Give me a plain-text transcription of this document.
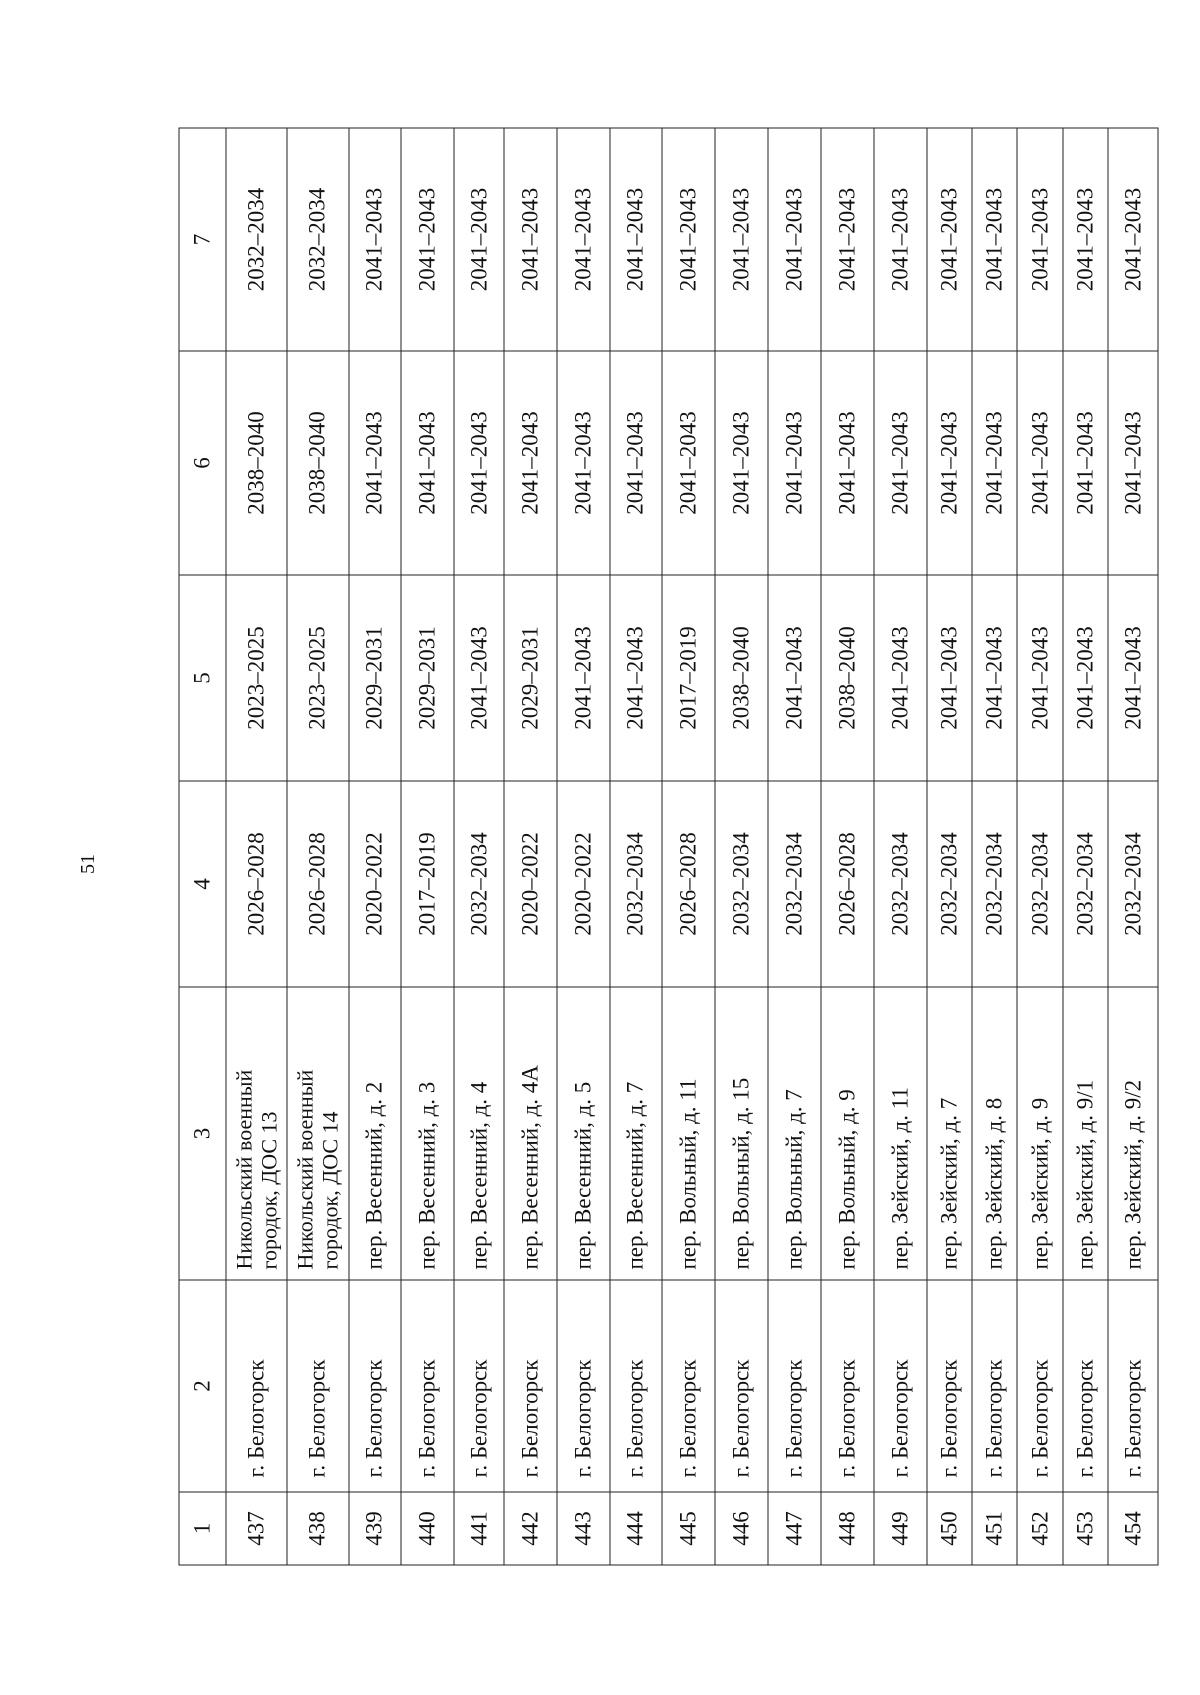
51
1	2	3	4	5	6	7
437	г. Белогорск	Никольский военный городок, ДОС 13	2026–2028	2023–2025	2038–2040	2032–2034
438	г. Белогорск	Никольский военный городок, ДОС 14	2026–2028	2023–2025	2038–2040	2032–2034
439	г. Белогорск	пер. Весенний, д. 2	2020–2022	2029–2031	2041–2043	2041–2043
440	г. Белогорск	пер. Весенний, д. 3	2017–2019	2029–2031	2041–2043	2041–2043
441	г. Белогорск	пер. Весенний, д. 4	2032–2034	2041–2043	2041–2043	2041–2043
442	г. Белогорск	пер. Весенний, д. 4А	2020–2022	2029–2031	2041–2043	2041–2043
443	г. Белогорск	пер. Весенний, д. 5	2020–2022	2041–2043	2041–2043	2041–2043
444	г. Белогорск	пер. Весенний, д. 7	2032–2034	2041–2043	2041–2043	2041–2043
445	г. Белогорск	пер. Вольный, д. 11	2026–2028	2017–2019	2041–2043	2041–2043
446	г. Белогорск	пер. Вольный, д. 15	2032–2034	2038–2040	2041–2043	2041–2043
447	г. Белогорск	пер. Вольный, д. 7	2032–2034	2041–2043	2041–2043	2041–2043
448	г. Белогорск	пер. Вольный, д. 9	2026–2028	2038–2040	2041–2043	2041–2043
449	г. Белогорск	пер. Зейский, д. 11	2032–2034	2041–2043	2041–2043	2041–2043
450	г. Белогорск	пер. Зейский, д. 7	2032–2034	2041–2043	2041–2043	2041–2043
451	г. Белогорск	пер. Зейский, д. 8	2032–2034	2041–2043	2041–2043	2041–2043
452	г. Белогорск	пер. Зейский, д. 9	2032–2034	2041–2043	2041–2043	2041–2043
453	г. Белогорск	пер. Зейский, д. 9/1	2032–2034	2041–2043	2041–2043	2041–2043
454	г. Белогорск	пер. Зейский, д. 9/2	2032–2034	2041–2043	2041–2043	2041–2043
